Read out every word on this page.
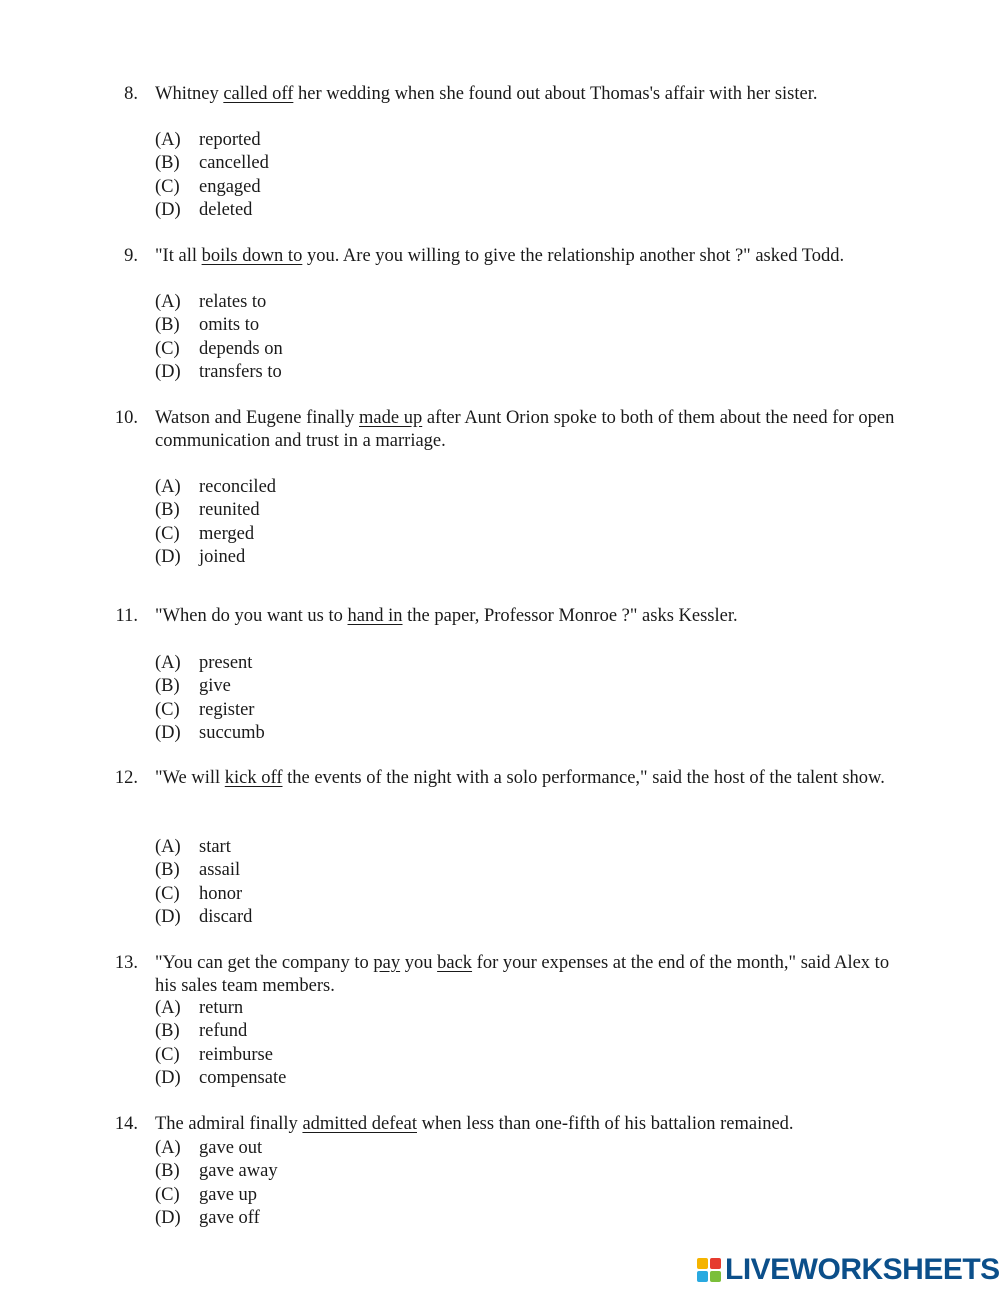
8. Whitney called off her wedding when she found out about Thomas's affair with her sister.
(A) reported
(B) cancelled
(C) engaged
(D) deleted
9. "It all boils down to you. Are you willing to give the relationship another shot ?" asked Todd.
(A) relates to
(B) omits to
(C) depends on
(D) transfers to
10. Watson and Eugene finally made up after Aunt Orion spoke to both of them about the need for open communication and trust in a marriage.
(A) reconciled
(B) reunited
(C) merged
(D) joined
11. "When do you want us to hand in the paper, Professor Monroe ?" asks Kessler.
(A) present
(B) give
(C) register
(D) succumb
12. "We will kick off the events of the night with a solo performance," said the host of the talent show.
(A) start
(B) assail
(C) honor
(D) discard
13. "You can get the company to pay you back for your expenses at the end of the month," said Alex to his sales team members.
(A) return
(B) refund
(C) reimburse
(D) compensate
14. The admiral finally admitted defeat when less than one-fifth of his battalion remained.
(A) gave out
(B) gave away
(C) gave up
(D) gave off
LIVEWORKSHEETS
